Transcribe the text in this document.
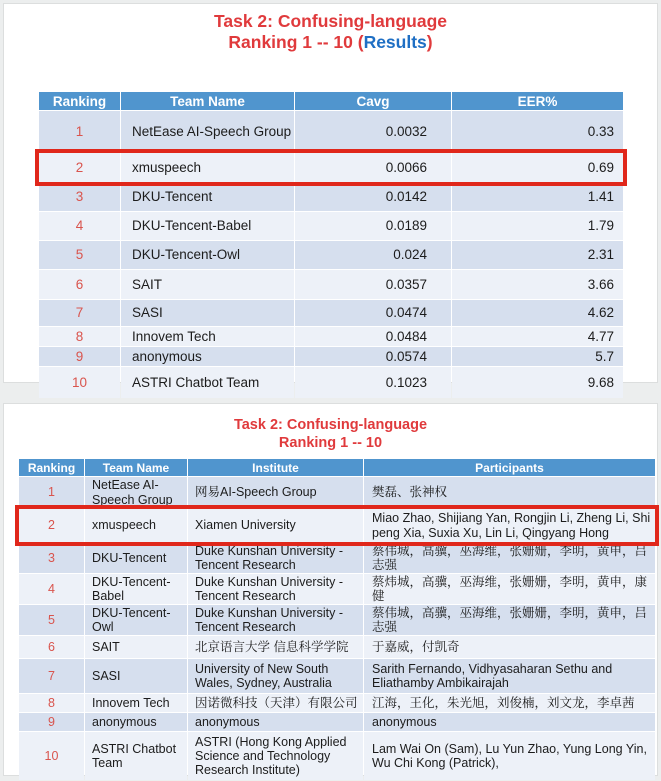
Task 2: Confusing-language
Ranking 1 -- 10 (Results)
Ranking	Team Name	Cavg	EER%
1	NetEase AI-Speech Group	0.0032	0.33
2	xmuspeech	0.0066	0.69
3	DKU-Tencent	0.0142	1.41
4	DKU-Tencent-Babel	0.0189	1.79
5	DKU-Tencent-Owl	0.024	2.31
6	SAIT	0.0357	3.66
7	SASI	0.0474	4.62
8	Innovem Tech	0.0484	4.77
9	anonymous	0.0574	5.7
10	ASTRI Chatbot Team	0.1023	9.68
Task 2: Confusing-language
Ranking 1 -- 10
Ranking	Team Name	Institute	Participants
1	NetEase AI-Speech Group	网易AI-Speech Group	樊磊、张神权
2	xmuspeech	Xiamen University	Miao Zhao, Shijiang Yan, Rongjin Li, Zheng Li, Shipeng Xia, Suxia Xu, Lin Li, Qingyang Hong
3	DKU-Tencent	Duke Kunshan University - Tencent Research	蔡伟城，高骥，巫海维，张姗姗，李明，黄申，吕志强
4	DKU-Tencent-Babel	Duke Kunshan University - Tencent Research	蔡炜城，高骥，巫海维，张姗姗，李明，黄申，康健
5	DKU-Tencent-Owl	Duke Kunshan University - Tencent Research	蔡伟城，高骥，巫海维，张姗姗，李明，黄申，吕志强
6	SAIT	北京语言大学 信息科学学院	于嘉威，付凯奇
7	SASI	University of New South Wales, Sydney, Australia	Sarith Fernando, Vidhyasaharan Sethu and Eliathamby Ambikairajah
8	Innovem Tech	因诺微科技（天津）有限公司	江海，王化，朱光旭，刘俊楠，刘文龙，李卓茜
9	anonymous	anonymous	anonymous
10	ASTRI Chatbot Team	ASTRI (Hong Kong Applied Science and Technology Research Institute)	Lam Wai On (Sam), Lu Yun Zhao, Yung Long Yin, Wu Chi Kong (Patrick),
